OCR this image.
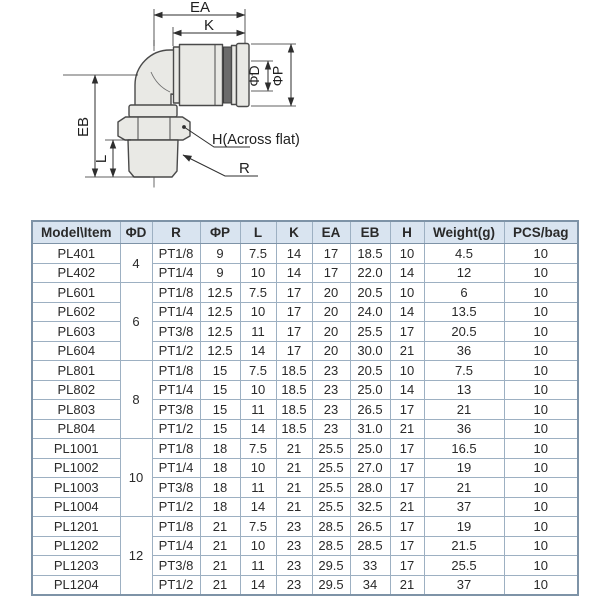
EA
K
ΦD ΦP
EB
L
H(Across flat)
R
Model\Item	ΦD	R	ΦP	L	K	EA	EB	H	Weight(g)	PCS/bag
PL401	4	PT1/8	9	7.5	14	17	18.5	10	4.5	10
PL402		PT1/4	9	10	14	17	22.0	14	12	10
PL601	6	PT1/8	12.5	7.5	17	20	20.5	10	6	10
PL602		PT1/4	12.5	10	17	20	24.0	14	13.5	10
PL603		PT3/8	12.5	11	17	20	25.5	17	20.5	10
PL604		PT1/2	12.5	14	17	20	30.0	21	36	10
PL801	8	PT1/8	15	7.5	18.5	23	20.5	10	7.5	10
PL802		PT1/4	15	10	18.5	23	25.0	14	13	10
PL803		PT3/8	15	11	18.5	23	26.5	17	21	10
PL804		PT1/2	15	14	18.5	23	31.0	21	36	10
PL1001	10	PT1/8	18	7.5	21	25.5	25.0	17	16.5	10
PL1002		PT1/4	18	10	21	25.5	27.0	17	19	10
PL1003		PT3/8	18	11	21	25.5	28.0	17	21	10
PL1004		PT1/2	18	14	21	25.5	32.5	21	37	10
PL1201	12	PT1/8	21	7.5	23	28.5	26.5	17	19	10
PL1202		PT1/4	21	10	23	28.5	28.5	17	21.5	10
PL1203		PT3/8	21	11	23	29.5	33	17	25.5	10
PL1204		PT1/2	21	14	23	29.5	34	21	37	10
